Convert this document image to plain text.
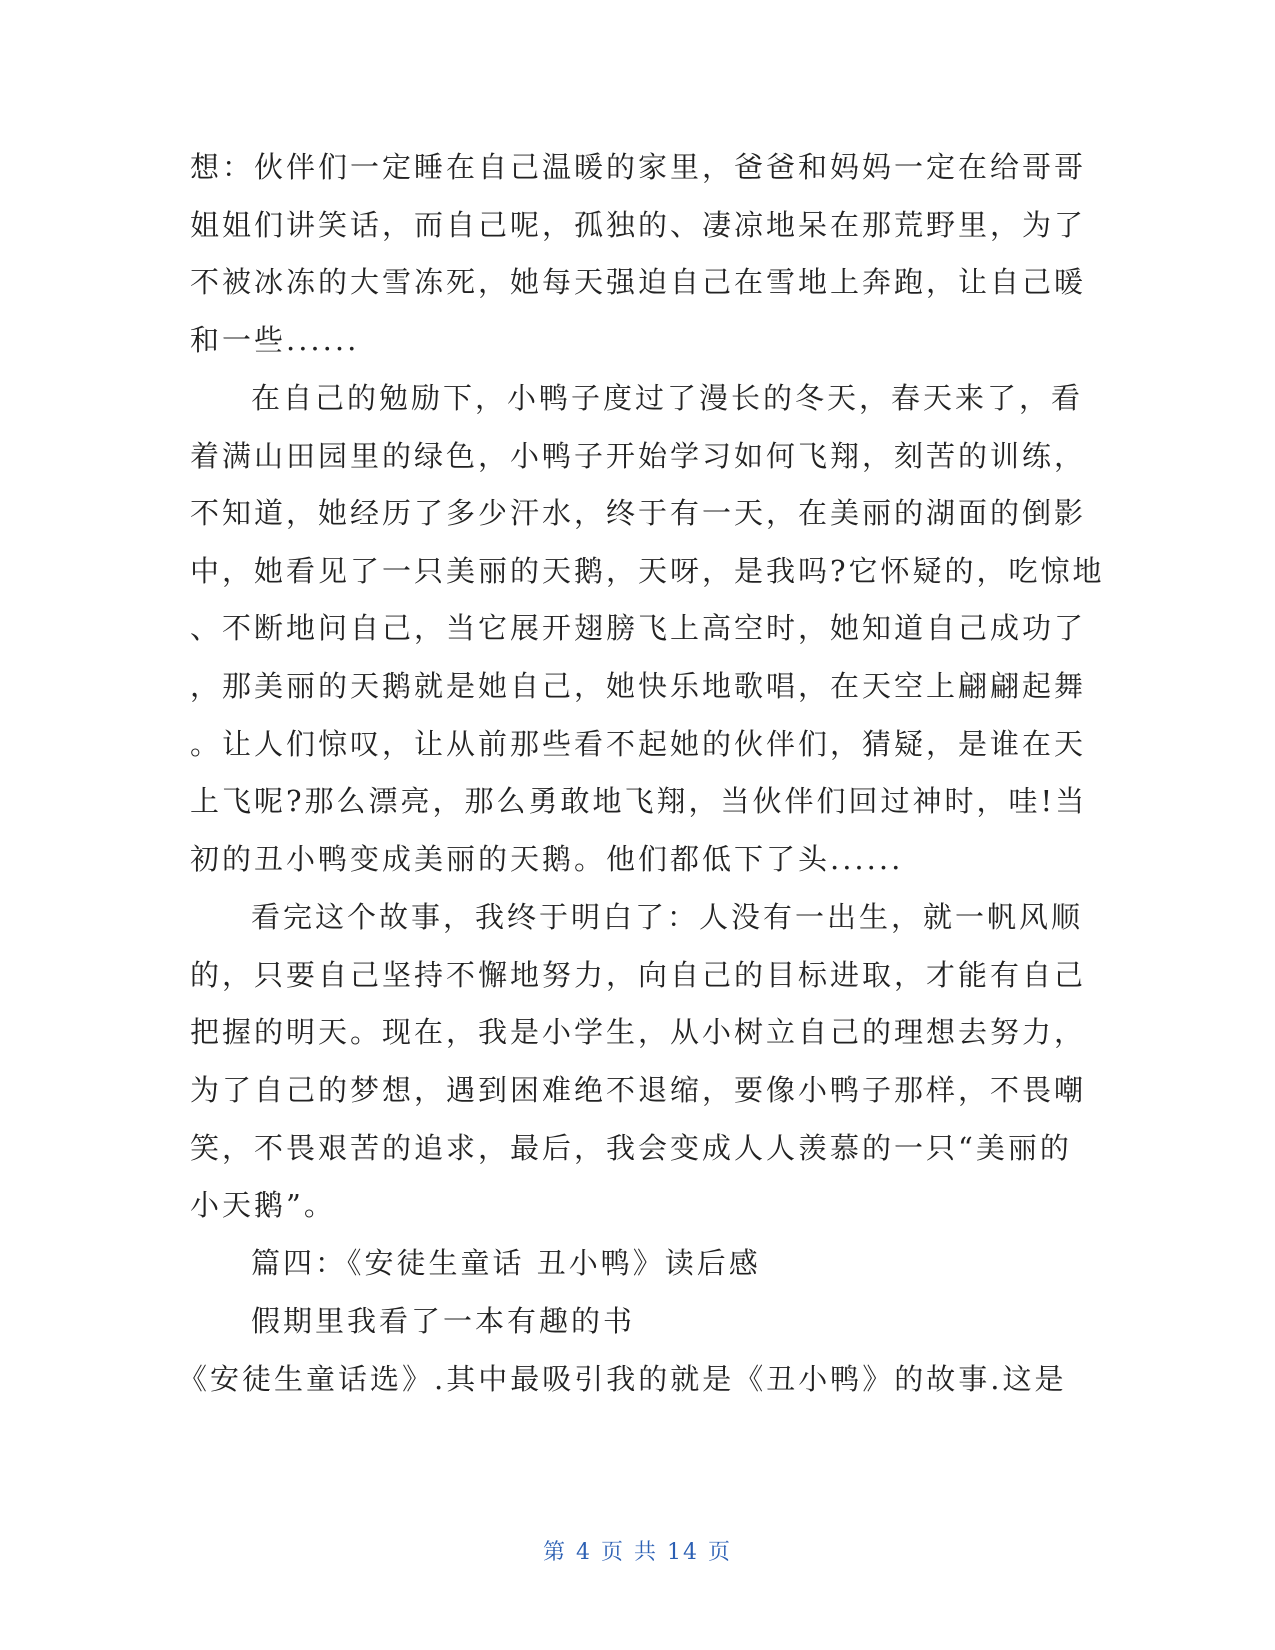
想：伙伴们一定睡在自己温暖的家里，爸爸和妈妈一定在给哥哥
姐姐们讲笑话，而自己呢，孤独的、凄凉地呆在那荒野里，为了
不被冰冻的大雪冻死，她每天强迫自己在雪地上奔跑，让自己暖
和一些......
在自己的勉励下，小鸭子度过了漫长的冬天，春天来了，看
着满山田园里的绿色，小鸭子开始学习如何飞翔，刻苦的训练，
不知道，她经历了多少汗水，终于有一天，在美丽的湖面的倒影
中，她看见了一只美丽的天鹅，天呀，是我吗?它怀疑的，吃惊地
、不断地问自己，当它展开翅膀飞上高空时，她知道自己成功了
，那美丽的天鹅就是她自己，她快乐地歌唱，在天空上翩翩起舞
。让人们惊叹，让从前那些看不起她的伙伴们，猜疑，是谁在天
上飞呢?那么漂亮，那么勇敢地飞翔，当伙伴们回过神时，哇!当
初的丑小鸭变成美丽的天鹅。他们都低下了头......
看完这个故事，我终于明白了：人没有一出生，就一帆风顺
的，只要自己坚持不懈地努力，向自己的目标进取，才能有自己
把握的明天。现在，我是小学生，从小树立自己的理想去努力，
为了自己的梦想，遇到困难绝不退缩，要像小鸭子那样，不畏嘲
笑，不畏艰苦的追求，最后，我会变成人人羡慕的一只“美丽的
小天鹅”。
篇四：《安徒生童话 丑小鸭》读后感
假期里我看了一本有趣的书
《安徒生童话选》.其中最吸引我的就是《丑小鸭》的故事.这是
第 4 页 共 14 页
